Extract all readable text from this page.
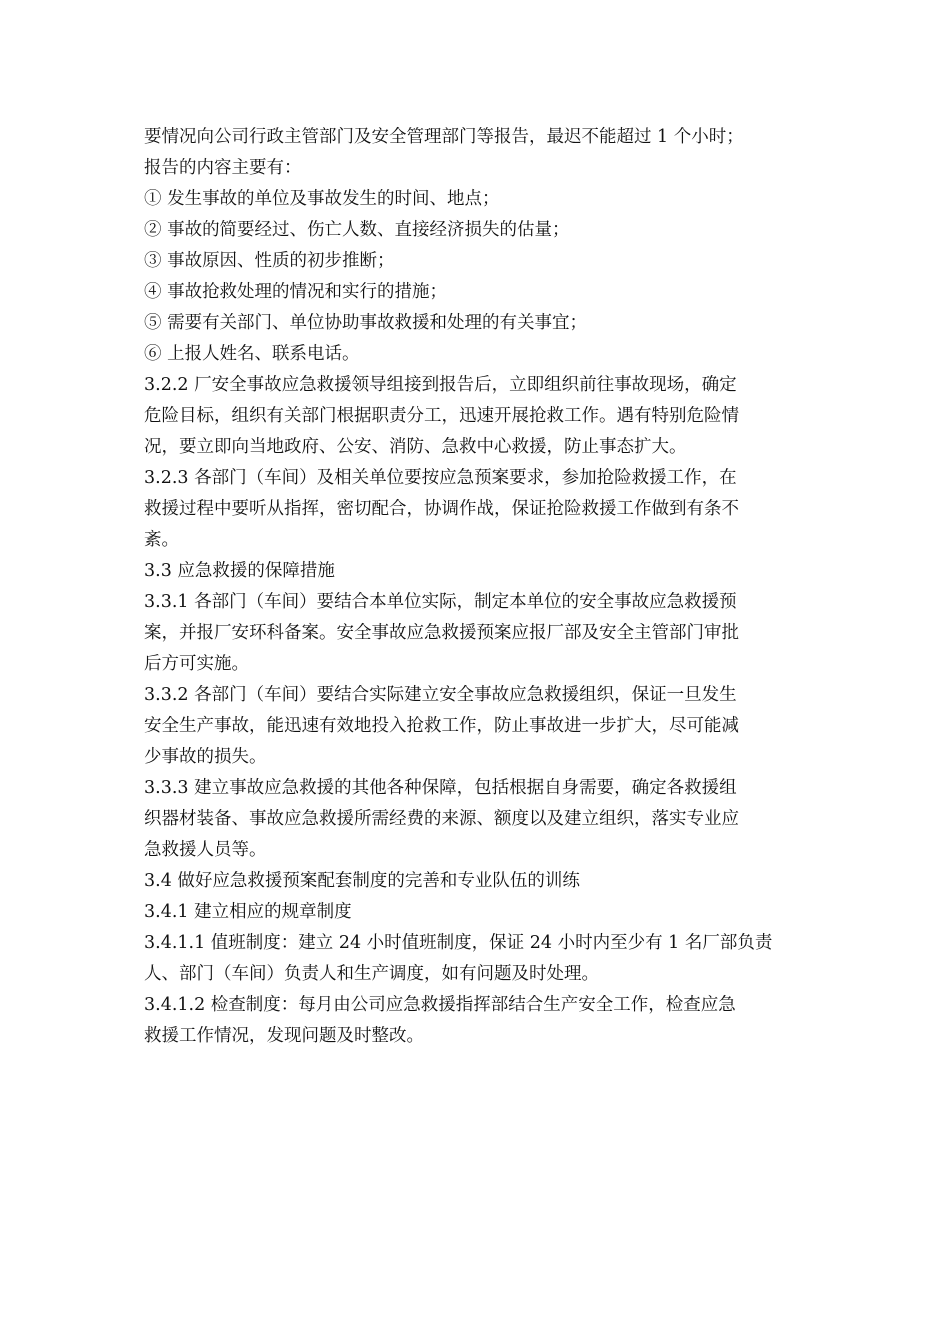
要情况向公司行政主管部门及安全管理部门等报告，最迟不能超过 1 个小时；
报告的内容主要有：
① 发生事故的单位及事故发生的时间、地点；
② 事故的简要经过、伤亡人数、直接经济损失的估量；
③ 事故原因、性质的初步推断；
④ 事故抢救处理的情况和实行的措施；
⑤ 需要有关部门、单位协助事故救援和处理的有关事宜；
⑥ 上报人姓名、联系电话。
3.2.2 厂安全事故应急救援领导组接到报告后，立即组织前往事故现场，确定
危险目标，组织有关部门根据职责分工，迅速开展抢救工作。遇有特别危险情
况，要立即向当地政府、公安、消防、急救中心救援，防止事态扩大。
3.2.3 各部门（车间）及相关单位要按应急预案要求，参加抢险救援工作，在
救援过程中要听从指挥，密切配合，协调作战，保证抢险救援工作做到有条不
紊。
3.3 应急救援的保障措施
3.3.1 各部门（车间）要结合本单位实际，制定本单位的安全事故应急救援预
案，并报厂安环科备案。安全事故应急救援预案应报厂部及安全主管部门审批
后方可实施。
3.3.2 各部门（车间）要结合实际建立安全事故应急救援组织，保证一旦发生
安全生产事故，能迅速有效地投入抢救工作，防止事故进一步扩大，尽可能减
少事故的损失。
3.3.3 建立事故应急救援的其他各种保障，包括根据自身需要，确定各救援组
织器材装备、事故应急救援所需经费的来源、额度以及建立组织，落实专业应
急救援人员等。
3.4 做好应急救援预案配套制度的完善和专业队伍的训练
3.4.1 建立相应的规章制度
3.4.1.1 值班制度：建立 24 小时值班制度，保证 24 小时内至少有 1 名厂部负责
人、部门（车间）负责人和生产调度，如有问题及时处理。
3.4.1.2 检查制度：每月由公司应急救援指挥部结合生产安全工作，检查应急
救援工作情况，发现问题及时整改。
